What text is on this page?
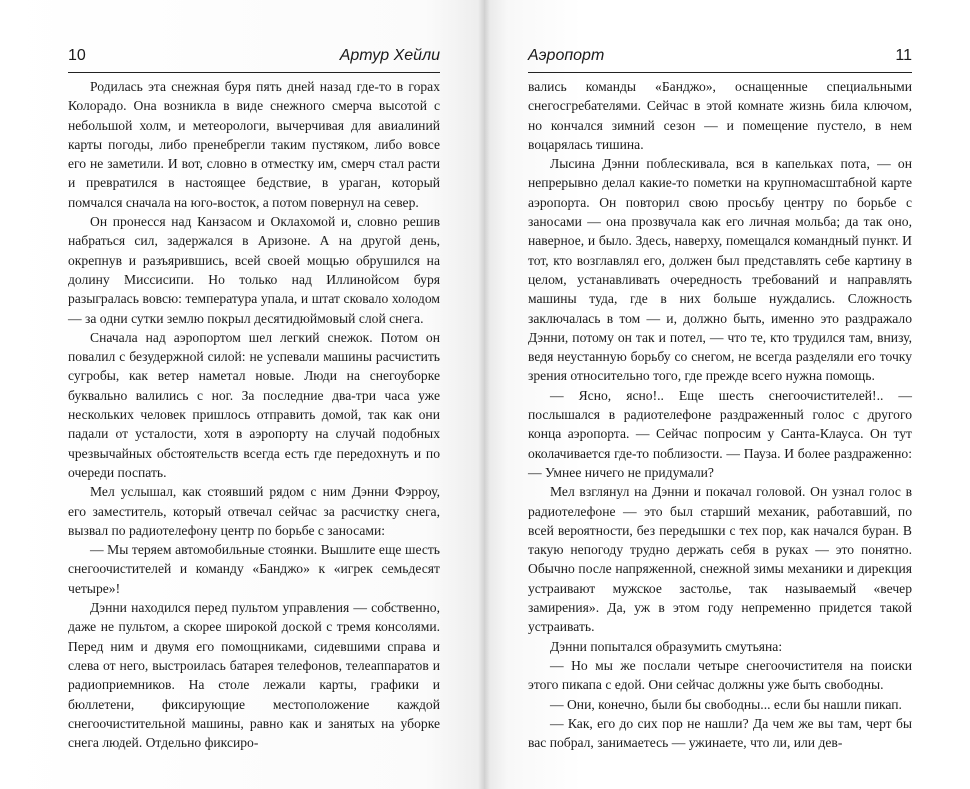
10	Артур Хейли

Родилась эта снежная буря пять дней назад где-то в горах Колорадо. Она возникла в виде снежного смерча высотой с небольшой холм, и метеорологи, вычерчивая для авиалиний карты погоды, либо пренебрегли таким пустяком, либо вовсе его не заметили. И вот, словно в отместку им, смерч стал расти и превратился в настоящее бедствие, в ураган, который помчался сначала на юго-восток, а потом повернул на север.

Он пронесся над Канзасом и Оклахомой и, словно решив набраться сил, задержался в Аризоне. А на другой день, окрепнув и разъярившись, всей своей мощью обрушился на долину Миссисипи. Но только над Иллинойсом буря разыгралась вовсю: температура упала, и штат сковало холодом — за одни сутки землю покрыл десятидюймовый слой снега.

Сначала над аэропортом шел легкий снежок. Потом он повалил с безудержной силой: не успевали машины расчистить сугробы, как ветер наметал новые. Люди на снегоуборке буквально валились с ног. За последние два-три часа уже нескольких человек пришлось отправить домой, так как они падали от усталости, хотя в аэропорту на случай подобных чрезвычайных обстоятельств всегда есть где передохнуть и по очереди поспать.

Мел услышал, как стоявший рядом с ним Дэнни Фэрроу, его заместитель, который отвечал сейчас за расчистку снега, вызвал по радиотелефону центр по борьбе с заносами:

— Мы теряем автомобильные стоянки. Вышлите еще шесть снегоочистителей и команду «Банджо» к «игрек семьдесят четыре»!

Дэнни находился перед пультом управления — собственно, даже не пультом, а скорее широкой доской с тремя консолями. Перед ним и двумя его помощниками, сидевшими справа и слева от него, выстроилась батарея телефонов, телеаппаратов и радиоприемников. На столе лежали карты, графики и бюллетени, фиксирующие местоположение каждой снегоочистительной машины, равно как и занятых на уборке снега людей. Отдельно фиксиро-

Аэропорт	11

вались команды «Банджо», оснащенные специальными снегосгребателями. Сейчас в этой комнате жизнь била ключом, но кончался зимний сезон — и помещение пустело, в нем воцарялась тишина.

Лысина Дэнни поблескивала, вся в капельках пота, — он непрерывно делал какие-то пометки на крупномасштабной карте аэропорта. Он повторил свою просьбу центру по борьбе с заносами — она прозвучала как его личная мольба; да так оно, наверное, и было. Здесь, наверху, помещался командный пункт. И тот, кто возглавлял его, должен был представлять себе картину в целом, устанавливать очередность требований и направлять машины туда, где в них больше нуждались. Сложность заключалась в том — и, должно быть, именно это раздражало Дэнни, потому он так и потел, — что те, кто трудился там, внизу, ведя неустанную борьбу со снегом, не всегда разделяли его точку зрения относительно того, где прежде всего нужна помощь.

— Ясно, ясно!.. Еще шесть снегоочистителей!.. — послышался в радиотелефоне раздраженный голос с другого конца аэропорта. — Сейчас попросим у Санта-Клауса. Он тут околачивается где-то поблизости. — Пауза. И более раздраженно: — Умнее ничего не придумали?

Мел взглянул на Дэнни и покачал головой. Он узнал голос в радиотелефоне — это был старший механик, работавший, по всей вероятности, без передышки с тех пор, как начался буран. В такую непогоду трудно держать себя в руках — это понятно. Обычно после напряженной, снежной зимы механики и дирекция устраивают мужское застолье, так называемый «вечер замирения». Да, уж в этом году непременно придется такой устраивать.

Дэнни попытался образумить смутьяна:

— Но мы же послали четыре снегоочистителя на поиски этого пикапа с едой. Они сейчас должны уже быть свободны.

— Они, конечно, были бы свободны... если бы нашли пикап.

— Как, его до сих пор не нашли? Да чем же вы там, черт бы вас побрал, занимаетесь — ужинаете, что ли, или дев-
